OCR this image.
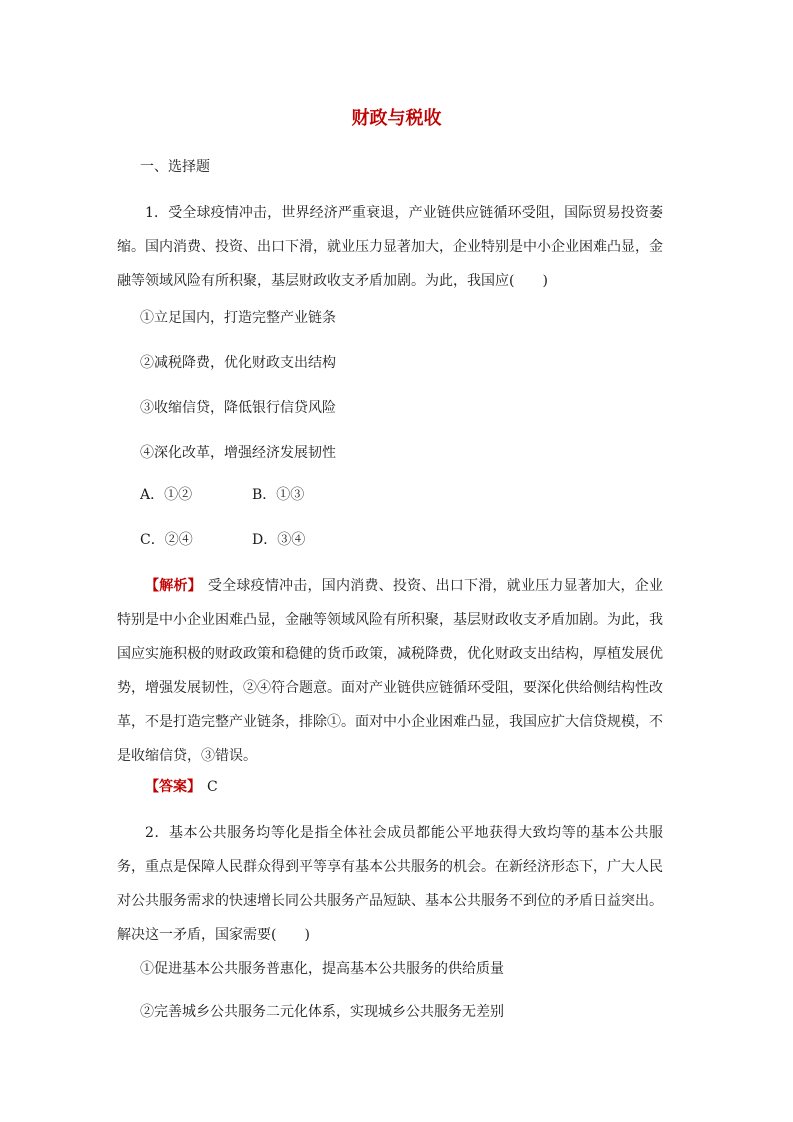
财政与税收
一、选择题
1．受全球疫情冲击，世界经济严重衰退，产业链供应链循环受阻，国际贸易投资萎缩。国内消费、投资、出口下滑，就业压力显著加大，企业特别是中小企业困难凸显，金融等领域风险有所积聚，基层财政收支矛盾加剧。为此，我国应(　　)
①立足国内，打造完整产业链条
②减税降费，优化财政支出结构
③收缩信贷，降低银行信贷风险
④深化改革，增强经济发展韧性
A．①②	B．①③
C．②④	D．③④
【解析】 受全球疫情冲击，国内消费、投资、出口下滑，就业压力显著加大，企业特别是中小企业困难凸显，金融等领域风险有所积聚，基层财政收支矛盾加剧。为此，我国应实施积极的财政政策和稳健的货币政策，减税降费，优化财政支出结构，厚植发展优势，增强发展韧性，②④符合题意。面对产业链供应链循环受阻，要深化供给侧结构性改革，不是打造完整产业链条，排除①。面对中小企业困难凸显，我国应扩大信贷规模，不是收缩信贷，③错误。
【答案】 C
2．基本公共服务均等化是指全体社会成员都能公平地获得大致均等的基本公共服务，重点是保障人民群众得到平等享有基本公共服务的机会。在新经济形态下，广大人民对公共服务需求的快速增长同公共服务产品短缺、基本公共服务不到位的矛盾日益突出。解决这一矛盾，国家需要(　　)
①促进基本公共服务普惠化，提高基本公共服务的供给质量
②完善城乡公共服务二元化体系，实现城乡公共服务无差别
